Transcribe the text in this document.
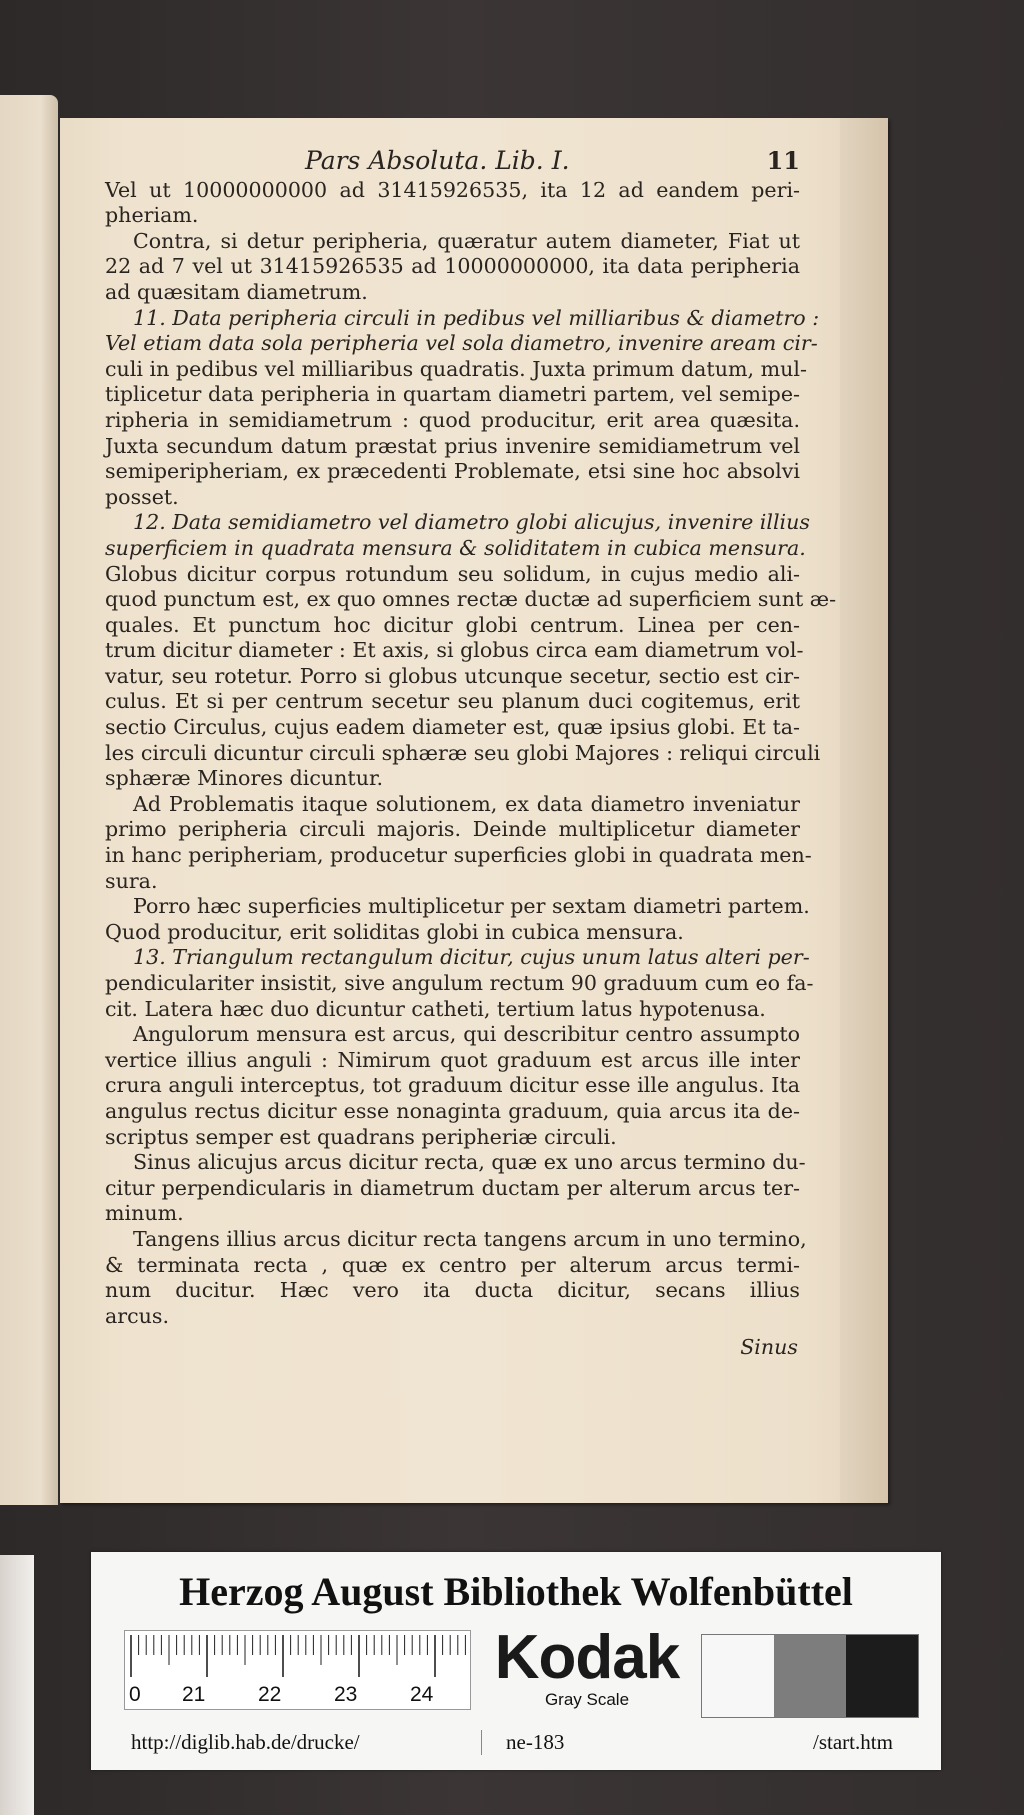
Pars Absoluta. Lib. I.	11
Vel ut 10000000000 ad 31415926535, ita 12 ad eandem peri-
pheriam.
Contra, si detur peripheria, quæratur autem diameter, Fiat ut
22 ad 7 vel ut 31415926535 ad 10000000000, ita data peripheria
ad quæsitam diametrum.
11. Data peripheria circuli in pedibus vel milliaribus & diametro :
Vel etiam data sola peripheria vel sola diametro, invenire aream cir-
culi in pedibus vel milliaribus quadratis. Juxta primum datum, mul-
tiplicetur data peripheria in quartam diametri partem, vel semipe-
ripheria in semidiametrum : quod producitur, erit area quæsita.
Juxta secundum datum præstat prius invenire semidiametrum vel
semiperipheriam, ex præcedenti Problemate, etsi sine hoc absolvi
posset.
12. Data semidiametro vel diametro globi alicujus, invenire illius
superficiem in quadrata mensura & soliditatem in cubica mensura.
Globus dicitur corpus rotundum seu solidum, in cujus medio ali-
quod punctum est, ex quo omnes rectæ ductæ ad superficiem sunt æ-
quales. Et punctum hoc dicitur globi centrum. Linea per cen-
trum dicitur diameter : Et axis, si globus circa eam diametrum vol-
vatur, seu rotetur. Porro si globus utcunque secetur, sectio est cir-
culus. Et si per centrum secetur seu planum duci cogitemus, erit
sectio Circulus, cujus eadem diameter est, quæ ipsius globi. Et ta-
les circuli dicuntur circuli sphæræ seu globi Majores : reliqui circuli
sphæræ Minores dicuntur.
Ad Problematis itaque solutionem, ex data diametro inveniatur
primo peripheria circuli majoris. Deinde multiplicetur diameter
in hanc peripheriam, producetur superficies globi in quadrata men-
sura.
Porro hæc superficies multiplicetur per sextam diametri partem.
Quod producitur, erit soliditas globi in cubica mensura.
13. Triangulum rectangulum dicitur, cujus unum latus alteri per-
pendiculariter insistit, sive angulum rectum 90 graduum cum eo fa-
cit. Latera hæc duo dicuntur catheti, tertium latus hypotenusa.
Angulorum mensura est arcus, qui describitur centro assumpto
vertice illius anguli : Nimirum quot graduum est arcus ille inter
crura anguli interceptus, tot graduum dicitur esse ille angulus. Ita
angulus rectus dicitur esse nonaginta graduum, quia arcus ita de-
scriptus semper est quadrans peripheriæ circuli.
Sinus alicujus arcus dicitur recta, quæ ex uno arcus termino du-
citur perpendicularis in diametrum ductam per alterum arcus ter-
minum.
Tangens illius arcus dicitur recta tangens arcum in uno termino,
& terminata recta , quæ ex centro per alterum arcus termi-
num ducitur. Hæc vero ita ducta dicitur, secans illius
arcus.
Sinus
Herzog August Bibliothek Wolfenbüttel
0 21	22	23	24
Kodak
Gray Scale
http://diglib.hab.de/drucke/	ne-183	/start.htm
